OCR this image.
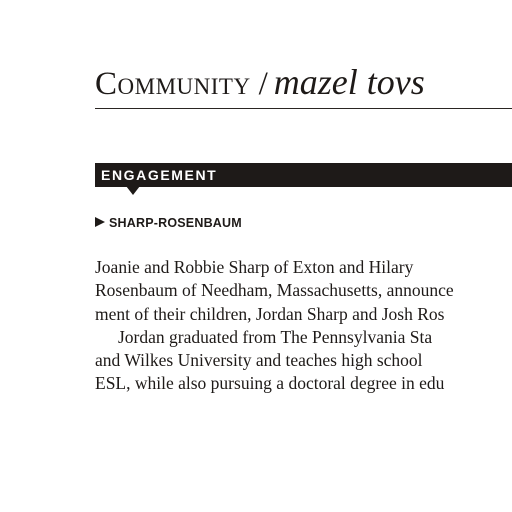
Community / mazel tovs
ENGAGEMENT
SHARP-ROSENBAUM
Joanie and Robbie Sharp of Exton and Hilary
Rosenbaum of Needham, Massachusetts, announce
ment of their children, Jordan Sharp and Josh Ros
Jordan graduated from The Pennsylvania Sta
and Wilkes University and teaches high school
ESL, while also pursuing a doctoral degree in edu
